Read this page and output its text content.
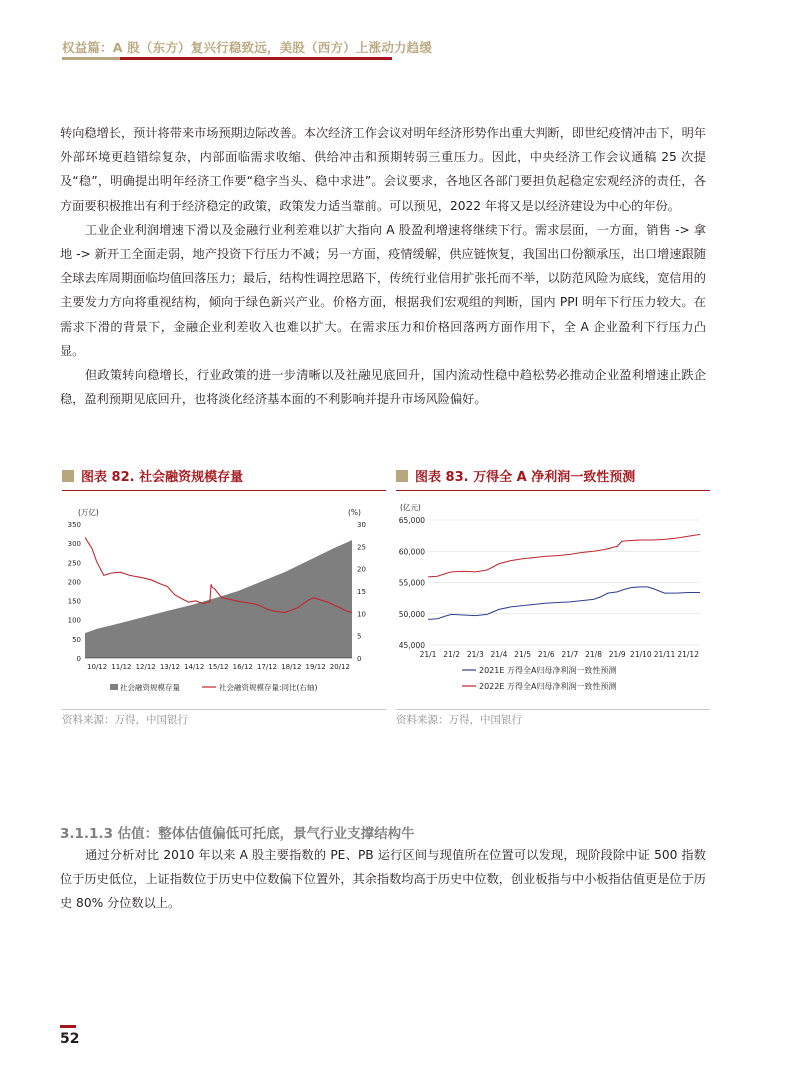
权益篇：A 股（东方）复兴行稳致远，美股（西方）上涨动力趋缓

转向稳增长，预计将带来市场预期边际改善。本次经济工作会议对明年经济形势作出重大判断，即世纪疫情冲击下，明年外部环境更趋错综复杂，内部面临需求收缩、供给冲击和预期转弱三重压力。因此，中央经济工作会议通稿 25 次提及“稳”，明确提出明年经济工作要“稳字当头、稳中求进”。会议要求，各地区各部门要担负起稳定宏观经济的责任，各方面要积极推出有利于经济稳定的政策，政策发力适当靠前。可以预见，2022 年将又是以经济建设为中心的年份。

工业企业利润增速下滑以及金融行业利差难以扩大指向 A 股盈利增速将继续下行。需求层面，一方面，销售 -> 拿地 -> 新开工全面走弱，地产投资下行压力不减；另一方面，疫情缓解，供应链恢复，我国出口份额承压，出口增速跟随全球去库周期面临均值回落压力；最后，结构性调控思路下，传统行业信用扩张托而不举，以防范风险为底线，宽信用的主要发力方向将重视结构，倾向于绿色新兴产业。价格方面，根据我们宏观组的判断，国内 PPI 明年下行压力较大。在需求下滑的背景下，金融企业利差收入也难以扩大。在需求压力和价格回落两方面作用下，全 A 企业盈利下行压力凸显。

但政策转向稳增长，行业政策的进一步清晰以及社融见底回升，国内流动性稳中趋松势必推动企业盈利增速止跌企稳，盈利预期见底回升，也将淡化经济基本面的不利影响并提升市场风险偏好。

图表 82. 社会融资规模存量
(万亿)	(%)
0
50
100
150
200
250
300
350
0
5
10
15
20
25
30
10/12 11/12 12/12 13/12 14/12 15/12 16/12 17/12 18/12 19/12 20/12
社会融资规模存量	社会融资规模存量:同比(右轴)
资料来源：万得，中国银行
图表 83. 万得全 A 净利润一致性预测
(亿元)
45,000
50,000
55,000
60,000
65,000
21/1 21/2 21/3 21/4 21/5 21/6 21/7 21/8 21/9 21/10 21/11 21/12
2021E 万得全A归母净利润一致性预测
2022E 万得全A归母净利润一致性预测
资料来源：万得，中国银行
3.1.1.3 估值：整体估值偏低可托底，景气行业支撑结构牛

通过分析对比 2010 年以来 A 股主要指数的 PE、PB 运行区间与现值所在位置可以发现，现阶段除中证 500 指数位于历史低位，上证指数位于历史中位数偏下位置外，其余指数均高于历史中位数，创业板指与中小板指估值更是位于历史 80% 分位数以上。

52
